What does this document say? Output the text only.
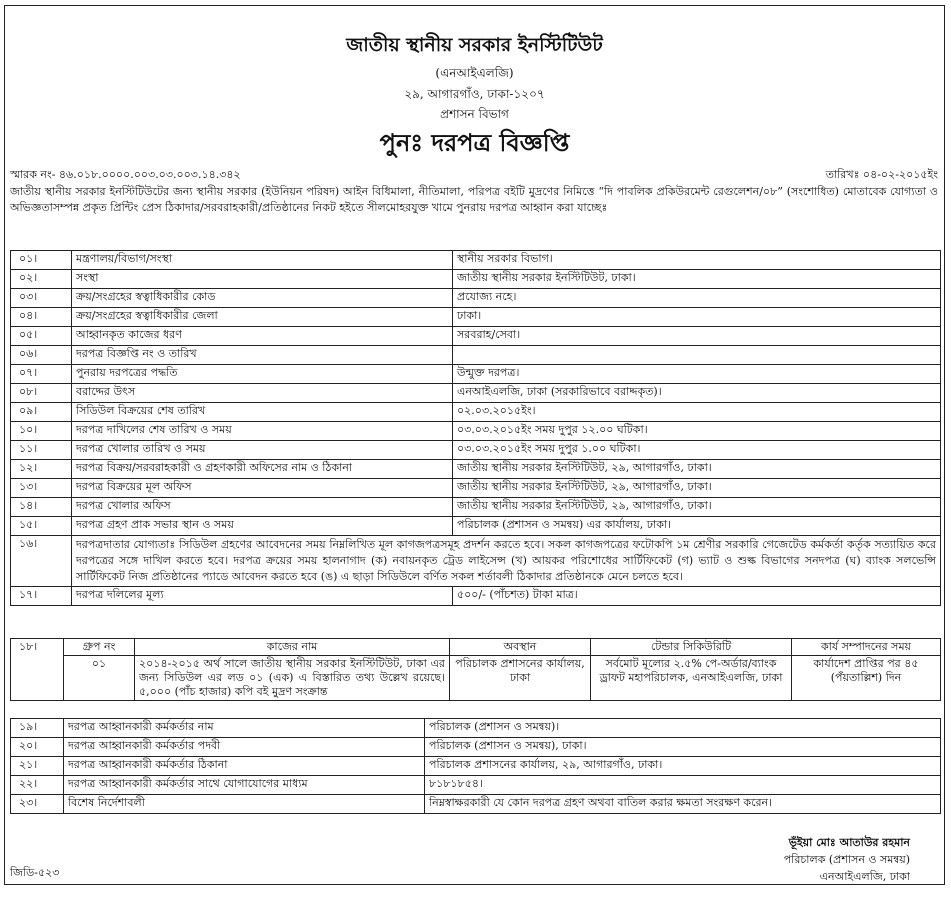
জাতীয় স্থানীয় সরকার ইনস্টিটিউট
(এনআইএলজি)
২৯, আগারগাঁও, ঢাকা-১২০৭
প্রশাসন বিভাগ
পুনঃ দরপত্র বিজ্ঞপ্তি
স্মারক নং- ৪৬.০১৮.০০০০.০০৩.০৩.০০৩.১৪.৩৪২	তারিখঃ ০৪-০২-২০১৫ইং
জাতীয় স্থানীয় সরকার ইনস্টিটিউটের জন্য স্থানীয় সরকার (ইউনিয়ন পরিষদ) আইন বিধিমালা, নীতিমালা, পরিপত্র বইটি মুদ্রণের নিমিত্তে “দি পাবলিক প্রকিউরমেন্ট রেগুলেশন/০৮” (সংশোধিত) মোতাবেক যোগ্যতা ও অভিজ্ঞতাসম্পন্ন প্রকৃত প্রিন্টিং প্রেস ঠিকাদার/সরবরাহকারী/প্রতিষ্ঠানের নিকট হইতে সীলমোহরযুক্ত খামে পুনরায় দরপত্র আহ্বান করা যাচ্ছেঃ
০১।	মন্ত্রণালয়/বিভাগ/সংস্থা	স্থানীয় সরকার বিভাগ।
০২।	সংস্থা	জাতীয় স্থানীয় সরকার ইনস্টিটিউট, ঢাকা।
০৩।	ক্রয়/সংগ্রহের স্বত্বাধিকারীর কোড	প্রযোজ্য নহে।
০৪।	ক্রয়/সংগ্রহের স্বত্বাধিকারীর জেলা	ঢাকা।
০৫।	আহ্বানকৃত কাজের ধরণ	সরবরাহ/সেবা।
০৬।	দরপত্র বিজ্ঞপ্তি নং ও তারিখ	
০৭।	পুনরায় দরপত্রের পদ্ধতি	উন্মুক্ত দরপত্র।
০৮।	বরাদ্দের উৎস	এনআইএলজি, ঢাকা (সরকারিভাবে বরাদ্দকৃত)।
০৯।	সিডিউল বিক্রয়ের শেষ তারিখ	০২.০৩.২০১৫ইং।
১০।	দরপত্র দাখিলের শেষ তারিখ ও সময়	০৩.০৩.২০১৫ইং সময় দুপুর ১২.০০ ঘটিকা।
১১।	দরপত্র খোলার তারিখ ও সময়	০৩.০৩.২০১৫ইং সময় দুপুর ১.০০ ঘটিকা।
১২।	দরপত্র বিক্রয়/সরবরাহকারী ও গ্রহণকারী অফিসের নাম ও ঠিকানা	জাতীয় স্থানীয় সরকার ইনস্টিটিউট, ২৯, আগারগাঁও, ঢাকা।
১৩।	দরপত্র বিক্রয়ের মূল অফিস	জাতীয় স্থানীয় সরকার ইনস্টিটিউট, ২৯, আগারগাঁও, ঢাকা।
১৪।	দরপত্র খোলার অফিস	জাতীয় স্থানীয় সরকার ইনস্টিটিউট, ২৯, আগারগাঁও, ঢাকা।
১৫।	দরপত্র গ্রহণ প্রাক সভার স্থান ও সময়	পরিচালক (প্রশাসন ও সমন্বয়) এর কার্যালয়, ঢাকা।
১৬।	দরপত্রদাতার যোগ্যতাঃ সিডিউল গ্রহণের আবেদনের সময় নিম্নলিখিত মূল কাগজপত্রসমূহ প্রদর্শন করতে হবে। সকল কাগজপত্রের ফটোকপি ১ম শ্রেণীর সরকারি গেজেটেড কর্মকর্তা কর্তৃক সত্যায়িত করে দরপত্রের সঙ্গে দাখিল করতে হবে। দরপত্র ক্রয়ের সময় হালনাগাদ (ক) নবায়নকৃত ট্রেড লাইসেন্স (খ) আয়কর পরিশোধের সার্টিফিকেট (গ) ভ্যাট ও শুল্ক বিভাগের সনদপত্র (ঘ) ব্যাংক সলভেন্সি সার্টিফিকেট নিজ প্রতিষ্ঠানের প্যাডে আবেদন করতে হবে (ঙ) এ ছাড়া সিডিউলে বর্ণিত সকল শর্তাবলী ঠিকাদার প্রতিষ্ঠানকে মেনে চলতে হবে।	
১৭।	দরপত্র দলিলের মূল্য	৫০০/- (পাঁচশত) টাকা মাত্র।
১৮।	গ্রুপ নং	কাজের নাম	অবস্থান	টেন্ডার সিকিউরিটি	কার্য সম্পাদনের সময়
	০১	২০১৪-২০১৫ অর্থ সালে জাতীয় স্থানীয় সরকার ইনস্টিটিউট, ঢাকা এর জন্য সিডিউল এর লড ০১ (এক) এ বিস্তারিত তথ্য উল্লেখ রয়েছে। ৫,০০০ (পাঁচ হাজার) কপি বই মুদ্রণ সংক্রান্ত	পরিচালক প্রশাসনের কার্যালয়, ঢাকা	সর্বমোট মূল্যের ২.৫% পে-অর্ডার/ব্যাংক ড্রাফট মহাপরিচালক, এনআইএলজি, ঢাকা	কার্যাদেশ প্রাপ্তির পর ৪৫ (পঁয়তাল্লিশ) দিন
১৯।	দরপত্র আহ্বানকারী কর্মকর্তার নাম	পরিচালক (প্রশাসন ও সমন্বয়)।
২০।	দরপত্র আহ্বানকারী কর্মকর্তার পদবী	পরিচালক (প্রশাসন ও সমন্বয়), ঢাকা।
২১।	দরপত্র আহ্বানকারী কর্মকর্তার ঠিকানা	পরিচালক প্রশাসনের কার্যালয়, ২৯, আগারগাঁও, ঢাকা।
২২।	দরপত্র আহ্বানকারী কর্মকর্তার সাথে যোগাযোগের মাধ্যম	৮১৮১৮৫৪।
২৩।	বিশেষ নির্দেশাবলী	নিম্নস্বাক্ষরকারী যে কোন দরপত্র গ্রহণ অথবা বাতিল করার ক্ষমতা সংরক্ষণ করেন।
ভূঁইয়া মোঃ আতাউর রহমান
পরিচালক (প্রশাসন ও সমন্বয়)
এনআইএলজি, ঢাকা
জিডি-৫২৩
